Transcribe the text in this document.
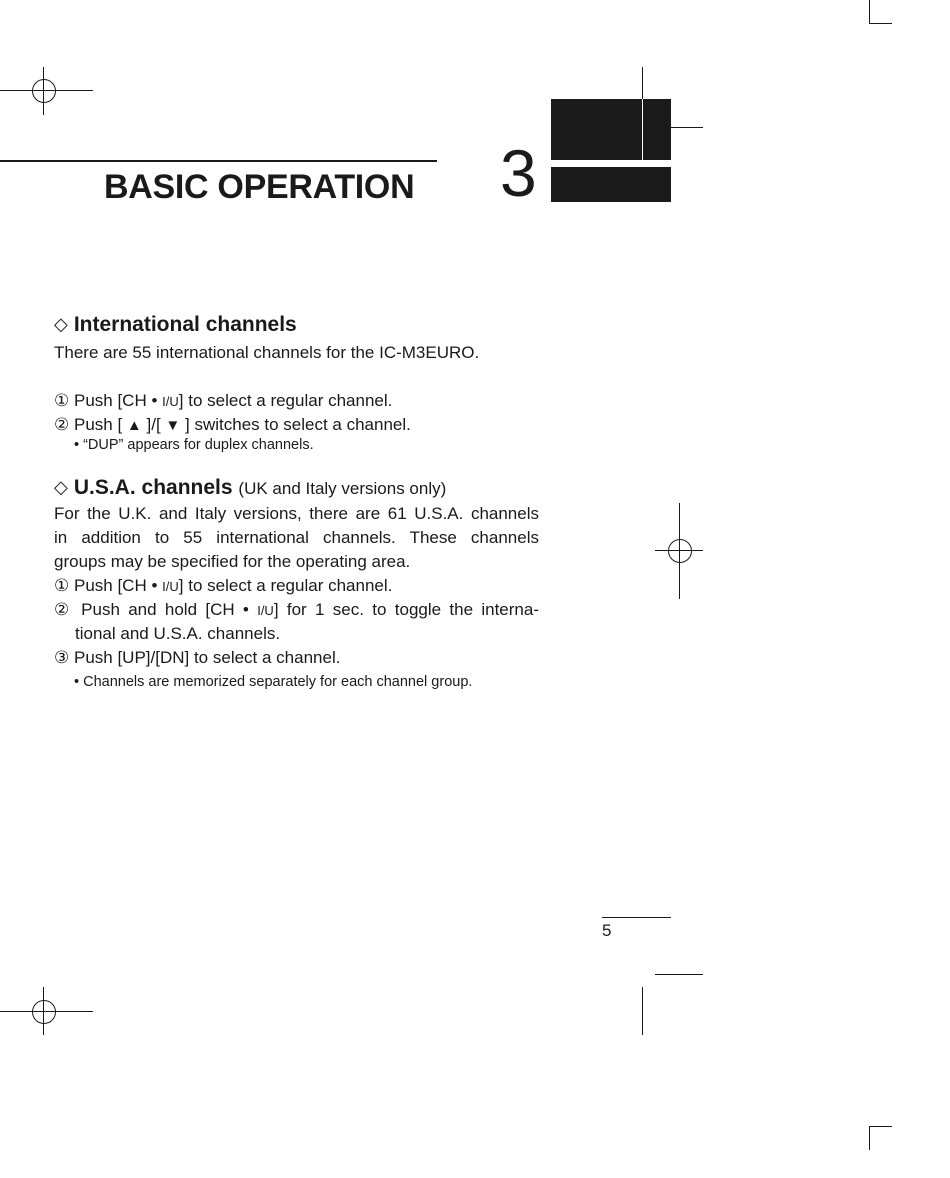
BASIC OPERATION 3
◇ International channels
There are 55 international channels for the IC-M3EURO.
① Push [CH • I/U] to select a regular channel.
② Push [ ▲ ]/[ ▼ ] switches to select a channel.
• “DUP” appears for duplex channels.
◇ U.S.A. channels (UK and Italy versions only)
For the U.K. and Italy versions, there are 61 U.S.A. channels
in addition to 55 international channels. These channels
groups may be specified for the operating area.
① Push [CH • I/U] to select a regular channel.
② Push and hold [CH • I/U] for 1 sec. to toggle the interna-
tional and U.S.A. channels.
③ Push [UP]/[DN] to select a channel.
• Channels are memorized separately for each channel group.
5
